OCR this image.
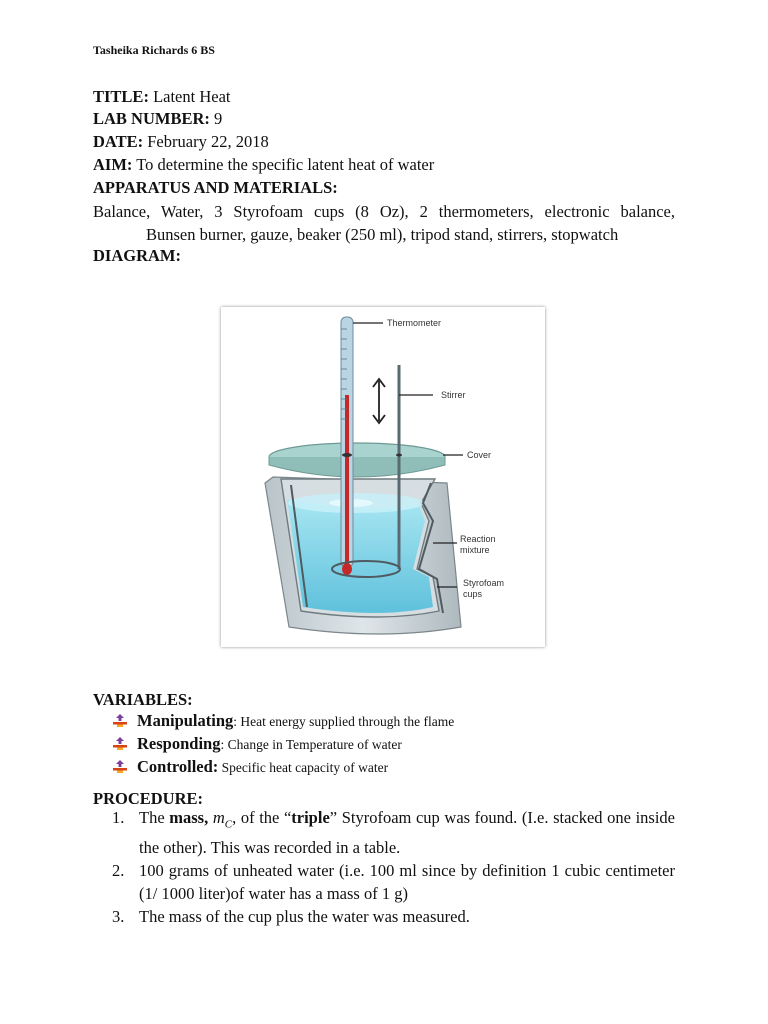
Tasheika Richards 6 BS
TITLE: Latent Heat
LAB NUMBER: 9
DATE: February 22, 2018
AIM: To determine the specific latent heat of water
APPARATUS AND MATERIALS:
Balance, Water, 3 Styrofoam cups (8 Oz), 2 thermometers, electronic balance,
Bunsen burner, gauze, beaker (250 ml), tripod stand, stirrers, stopwatch
DIAGRAM:
Thermometer
Stirrer
Cover
Reaction
mixture
Styrofoam
cups
VARIABLES:
Manipulating: Heat energy supplied through the flame
Responding: Change in Temperature of water
Controlled: Specific heat capacity of water
PROCEDURE:
1. The mass, $m_C$, of the “triple” Styrofoam cup was found. (I.e. stacked one inside the other). This was recorded in a table.
2. 100 grams of unheated water (i.e. 100 ml since by definition 1 cubic centimeter (1/ 1000 liter)of water has a mass of 1 g)
3. The mass of the cup plus the water was measured.
